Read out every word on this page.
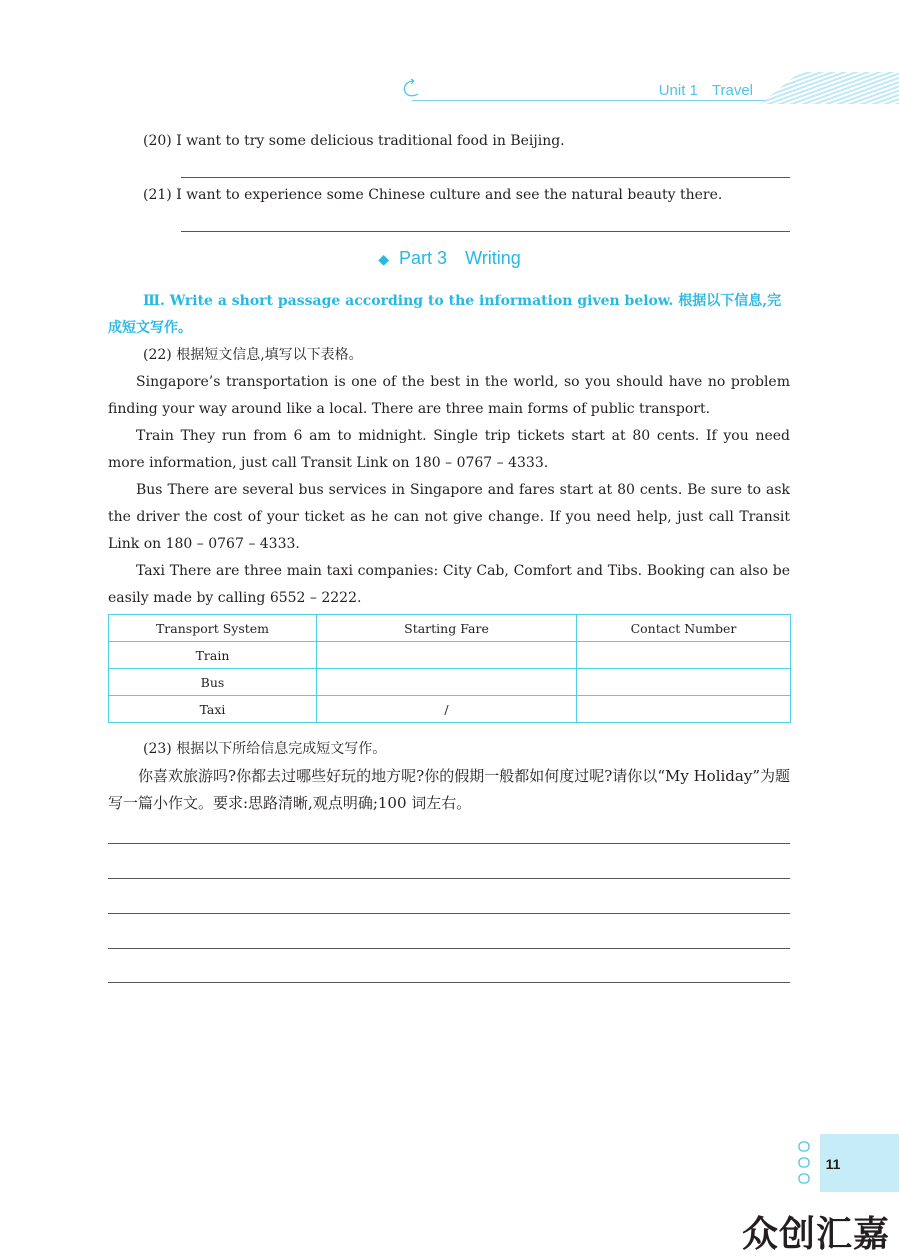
Unit 1 Travel
(20) I want to try some delicious traditional food in Beijing.
(21) I want to experience some Chinese culture and see the natural beauty there.
◆ Part 3 Writing
Ⅲ. Write a short passage according to the information given below. 根据以下信息,完
成短文写作。
(22) 根据短文信息,填写以下表格。

Singapore’s transportation is one of the best in the world, so you should have no problem finding your way around like a local. There are three main forms of public transport.

Train They run from 6 am to midnight. Single trip tickets start at 80 cents. If you need more information, just call Transit Link on 180 – 0767 – 4333.

Bus There are several bus services in Singapore and fares start at 80 cents. Be sure to ask the driver the cost of your ticket as he can not give change. If you need help, just call Transit Link on 180 – 0767 – 4333.

Taxi There are three main taxi companies: City Cab, Comfort and Tibs. Booking can also be easily made by calling 6552 – 2222.

Transport System	Starting Fare	Contact Number
Train		
Bus		
Taxi	/	
(23) 根据以下所给信息完成短文写作。

你喜欢旅游吗?你都去过哪些好玩的地方呢?你的假期一般都如何度过呢?请你以“My Holiday”为题写一篇小作文。要求:思路清晰,观点明确;100 词左右。

11
众创汇嘉
